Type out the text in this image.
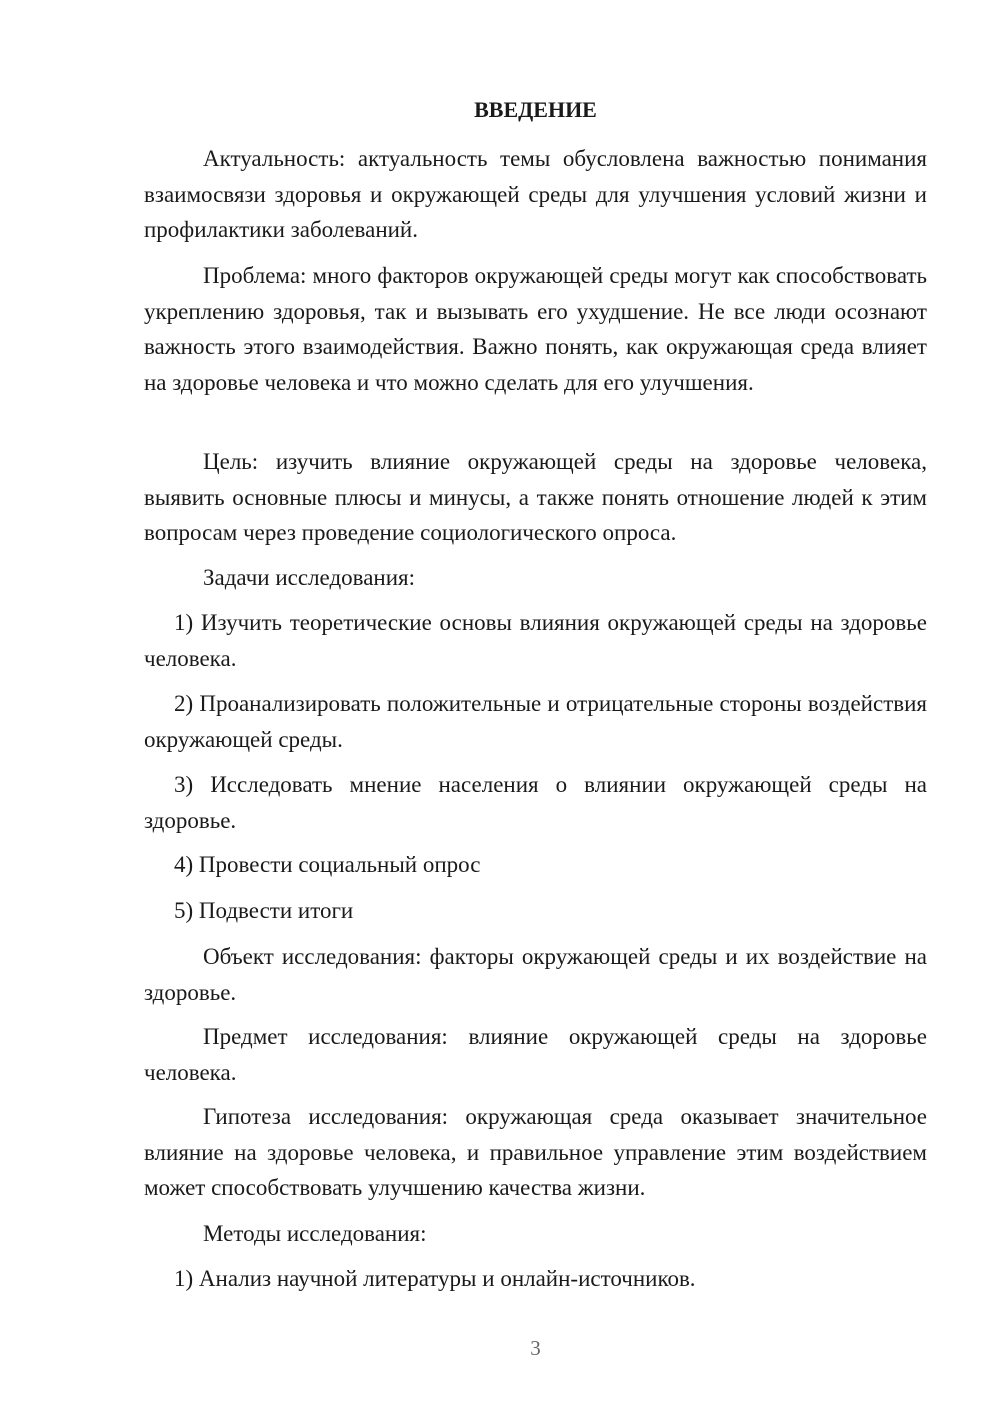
ВВЕДЕНИЕ

Актуальность: актуальность темы обусловлена важностью понимания взаимосвязи здоровья и окружающей среды для улучшения условий жизни и профилактики заболеваний.

Проблема: много факторов окружающей среды могут как способствовать укреплению здоровья, так и вызывать его ухудшение. Не все люди осознают важность этого взаимодействия. Важно понять, как окружающая среда влияет на здоровье человека и что можно сделать для его улучшения.

Цель: изучить влияние окружающей среды на здоровье человека, выявить основные плюсы и минусы, а также понять отношение людей к этим вопросам через проведение социологического опроса.

Задачи исследования:

1) Изучить теоретические основы влияния окружающей среды на здоровье человека.

2) Проанализировать положительные и отрицательные стороны воздействия окружающей среды.

3) Исследовать мнение населения о влиянии окружающей среды на здоровье.

4) Провести социальный опрос

5) Подвести итоги

Объект исследования: факторы окружающей среды и их воздействие на здоровье.

Предмет исследования: влияние окружающей среды на здоровье человека.

Гипотеза исследования: окружающая среда оказывает значительное влияние на здоровье человека, и правильное управление этим воздействием может способствовать улучшению качества жизни.

Методы исследования:

1) Анализ научной литературы и онлайн-источников.

3
